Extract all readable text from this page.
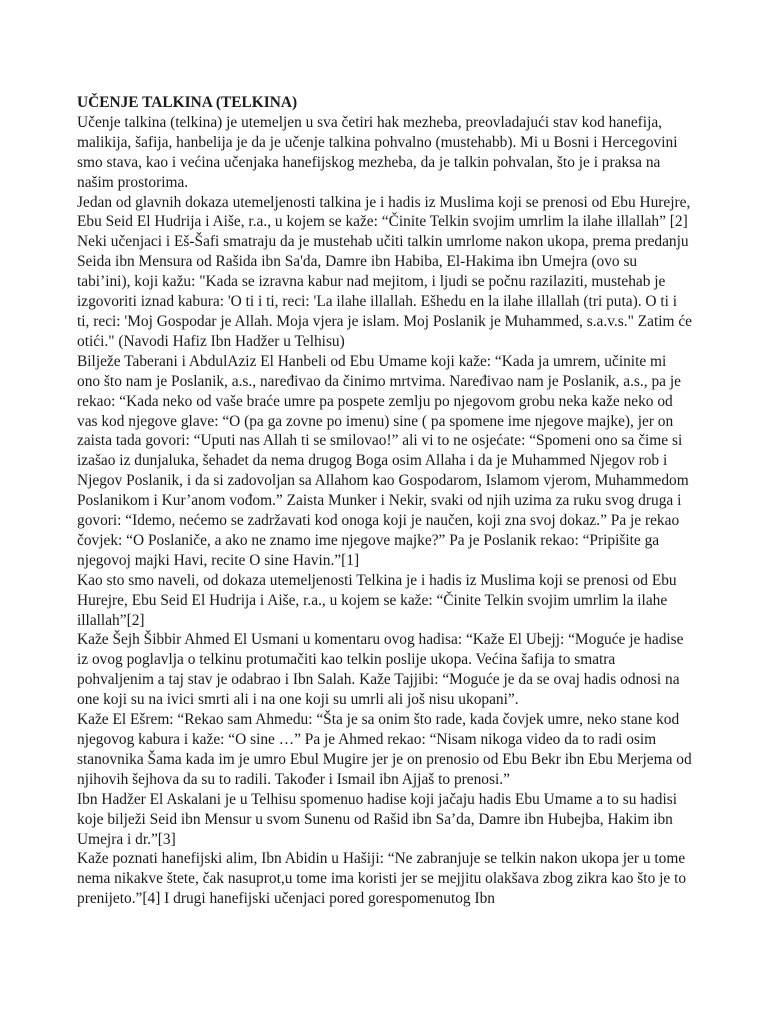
UČENJE TALKINA (TELKINA)

Učenje talkina (telkina) je utemeljen u sva četiri hak mezheba, preovladajući stav kod hanefija, malikija, šafija, hanbelija je da je učenje talkina pohvalno (mustehabb). Mi u Bosni i Hercegovini smo stava, kao i većina učenjaka hanefijskog mezheba, da je talkin pohvalan, što je i praksa na našim prostorima.

Jedan od glavnih dokaza utemeljenosti talkina je i hadis iz Muslima koji se prenosi od Ebu Hurejre, Ebu Seid El Hudrija i Aiše, r.a., u kojem se kaže: “Činite Telkin svojim umrlim la ilahe illallah” [2]

Neki učenjaci i Eš-Šafi smatraju da je mustehab učiti talkin umrlome nakon ukopa, prema predanju Seida ibn Mensura od Rašida ibn Sa'da, Damre ibn Habiba, El-Hakima ibn Umejra (ovo su tabi’ini), koji kažu: "Kada se izravna kabur nad mejitom, i ljudi se počnu razilaziti, mustehab je izgovoriti iznad kabura: 'O ti i ti, reci: 'La ilahe illallah. Ešhedu en la ilahe illallah (tri puta). O ti i ti, reci: 'Moj Gospodar je Allah. Moja vjera je islam. Moj Poslanik je Muhammed, s.a.v.s." Zatim će otići." (Navodi Hafiz Ibn Hadžer u Telhisu)

Bilježe Taberani i AbdulAziz El Hanbeli od Ebu Umame koji kaže: “Kada ja umrem, učinite mi ono što nam je Poslanik, a.s., naređivao da činimo mrtvima. Naređivao nam je Poslanik, a.s., pa je rekao: “Kada neko od vaše braće umre pa pospete zemlju po njegovom grobu neka kaže neko od vas kod njegove glave: “O (pa ga zovne po imenu) sine ( pa spomene ime njegove majke), jer on zaista tada govori: “Uputi nas Allah ti se smilovao!” ali vi to ne osjećate: “Spomeni ono sa čime si izašao iz dunjaluka, šehadet da nema drugog Boga osim Allaha i da je Muhammed Njegov rob i Njegov Poslanik, i da si zadovoljan sa Allahom kao Gospodarom, Islamom vjerom, Muhammedom Poslanikom i Kur’anom vođom.” Zaista Munker i Nekir, svaki od njih uzima za ruku svog druga i govori: “Idemo, nećemo se zadržavati kod onoga koji je naučen, koji zna svoj dokaz.” Pa je rekao čovjek: “O Poslaniče, a ako ne znamo ime njegove majke?” Pa je Poslanik rekao: “Pripišite ga njegovoj majki Havi, recite O sine Havin.”[1]

Kao sto smo naveli, od dokaza utemeljenosti Telkina je i hadis iz Muslima koji se prenosi od Ebu Hurejre, Ebu Seid El Hudrija i Aiše, r.a., u kojem se kaže: “Činite Telkin svojim umrlim la ilahe illallah”[2]

Kaže Šejh Šibbir Ahmed El Usmani u komentaru ovog hadisa: “Kaže El Ubejj: “Moguće je hadise iz ovog poglavlja o telkinu protumačiti kao telkin poslije ukopa. Većina šafija to smatra pohvaljenim a taj stav je odabrao i Ibn Salah. Kaže Tajjibi: “Moguće je da se ovaj hadis odnosi na one koji su na ivici smrti ali i na one koji su umrli ali još nisu ukopani”.

Kaže El Ešrem: “Rekao sam Ahmedu: “Šta je sa onim što rade, kada čovjek umre, neko stane kod njegovog kabura i kaže: “O sine …” Pa je Ahmed rekao: “Nisam nikoga video da to radi osim stanovnika Šama kada im je umro Ebul Mugire jer je on prenosio od Ebu Bekr ibn Ebu Merjema od njihovih šejhova da su to radili. Također i Ismail ibn Ajjaš to prenosi.”

Ibn Hadžer El Askalani je u Telhisu spomenuo hadise koji jačaju hadis Ebu Umame a to su hadisi koje bilježi Seid ibn Mensur u svom Sunenu od Rašid ibn Sa’da, Damre ibn Hubejba, Hakim ibn Umejra i dr.”[3]

Kaže poznati hanefijski alim, Ibn Abidin u Hašiji: “Ne zabranjuje se telkin nakon ukopa jer u tome nema nikakve štete, čak nasuprot,u tome ima koristi jer se mejjitu olakšava zbog zikra kao što je to prenijeto.”[4] I drugi hanefijski učenjaci pored gorespomenutog Ibn
